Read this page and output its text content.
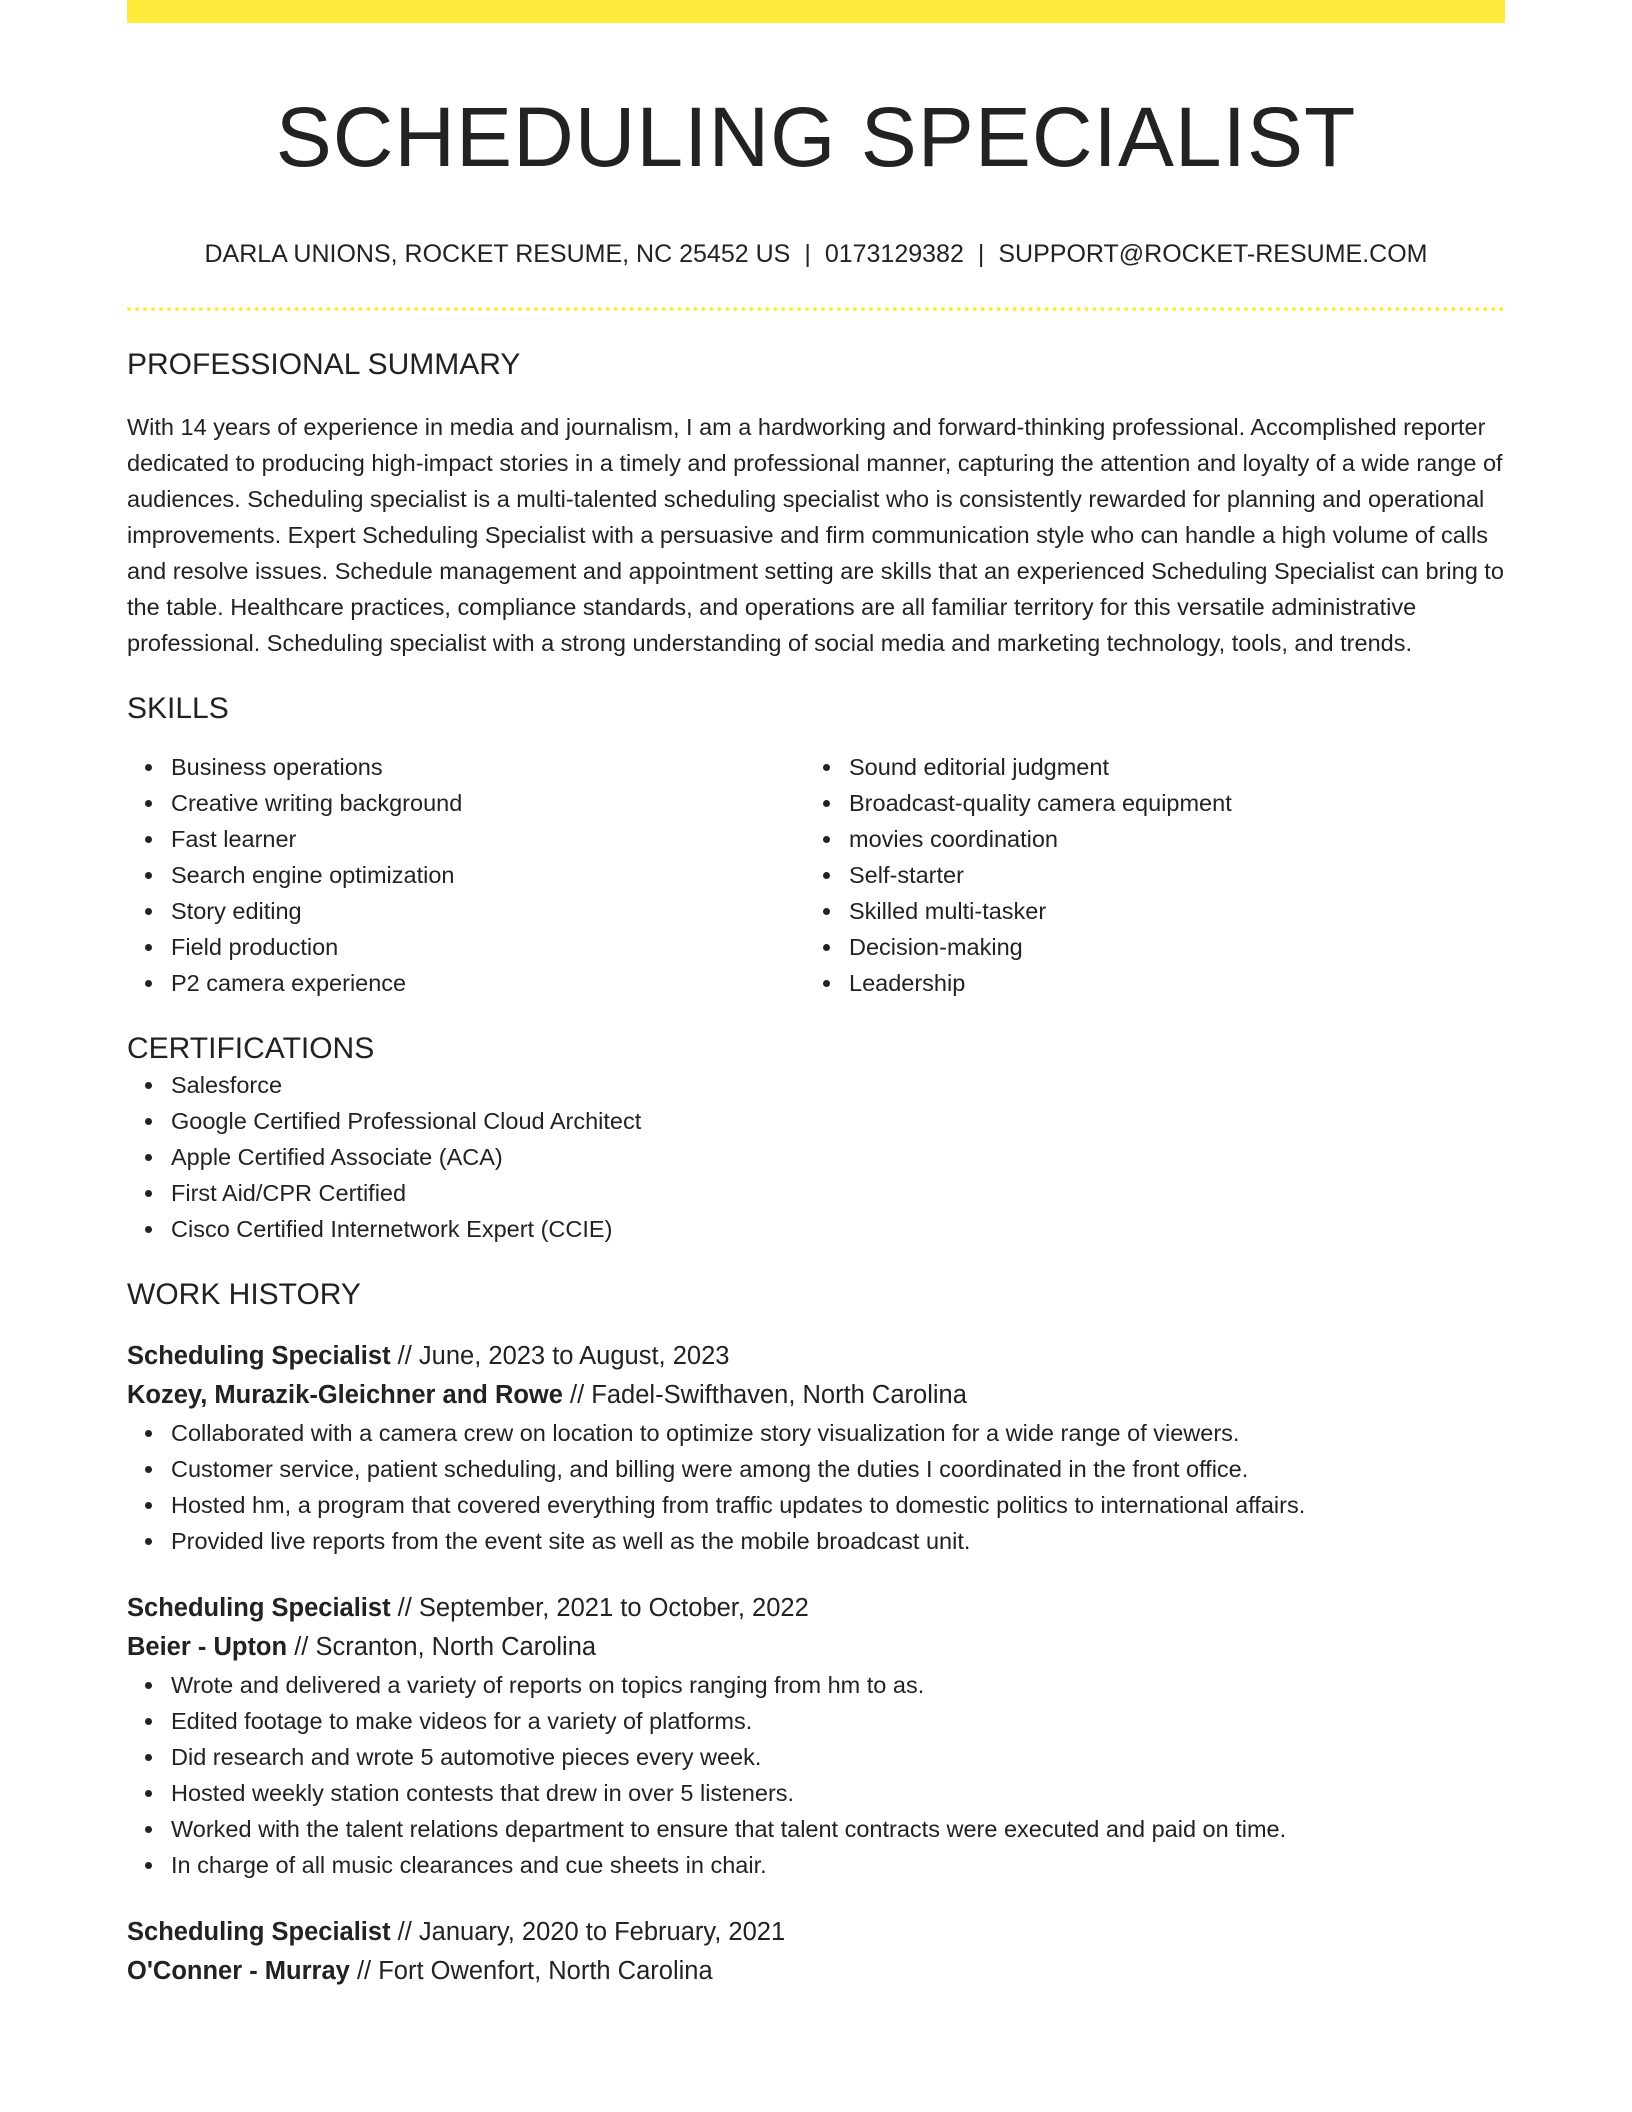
SCHEDULING SPECIALIST
DARLA UNIONS, ROCKET RESUME, NC 25452 US | 0173129382 | SUPPORT@ROCKET-RESUME.COM
PROFESSIONAL SUMMARY

With 14 years of experience in media and journalism, I am a hardworking and forward-thinking professional. Accomplished reporter dedicated to producing high-impact stories in a timely and professional manner, capturing the attention and loyalty of a wide range of audiences. Scheduling specialist is a multi-talented scheduling specialist who is consistently rewarded for planning and operational improvements. Expert Scheduling Specialist with a persuasive and firm communication style who can handle a high volume of calls and resolve issues. Schedule management and appointment setting are skills that an experienced Scheduling Specialist can bring to the table. Healthcare practices, compliance standards, and operations are all familiar territory for this versatile administrative professional. Scheduling specialist with a strong understanding of social media and marketing technology, tools, and trends.

SKILLS
Business operations
Creative writing background
Fast learner
Search engine optimization
Story editing
Field production
P2 camera experience
Sound editorial judgment
Broadcast-quality camera equipment
movies coordination
Self-starter
Skilled multi-tasker
Decision-making
Leadership
CERTIFICATIONS
Salesforce
Google Certified Professional Cloud Architect
Apple Certified Associate (ACA)
First Aid/CPR Certified
Cisco Certified Internetwork Expert (CCIE)
WORK HISTORY
Scheduling Specialist // June, 2023 to August, 2023
Kozey, Murazik-Gleichner and Rowe // Fadel-Swifthaven, North Carolina
Collaborated with a camera crew on location to optimize story visualization for a wide range of viewers.
Customer service, patient scheduling, and billing were among the duties I coordinated in the front office.
Hosted hm, a program that covered everything from traffic updates to domestic politics to international affairs.
Provided live reports from the event site as well as the mobile broadcast unit.
Scheduling Specialist // September, 2021 to October, 2022
Beier - Upton // Scranton, North Carolina
Wrote and delivered a variety of reports on topics ranging from hm to as.
Edited footage to make videos for a variety of platforms.
Did research and wrote 5 automotive pieces every week.
Hosted weekly station contests that drew in over 5 listeners.
Worked with the talent relations department to ensure that talent contracts were executed and paid on time.
In charge of all music clearances and cue sheets in chair.
Scheduling Specialist // January, 2020 to February, 2021
O'Conner - Murray // Fort Owenfort, North Carolina
